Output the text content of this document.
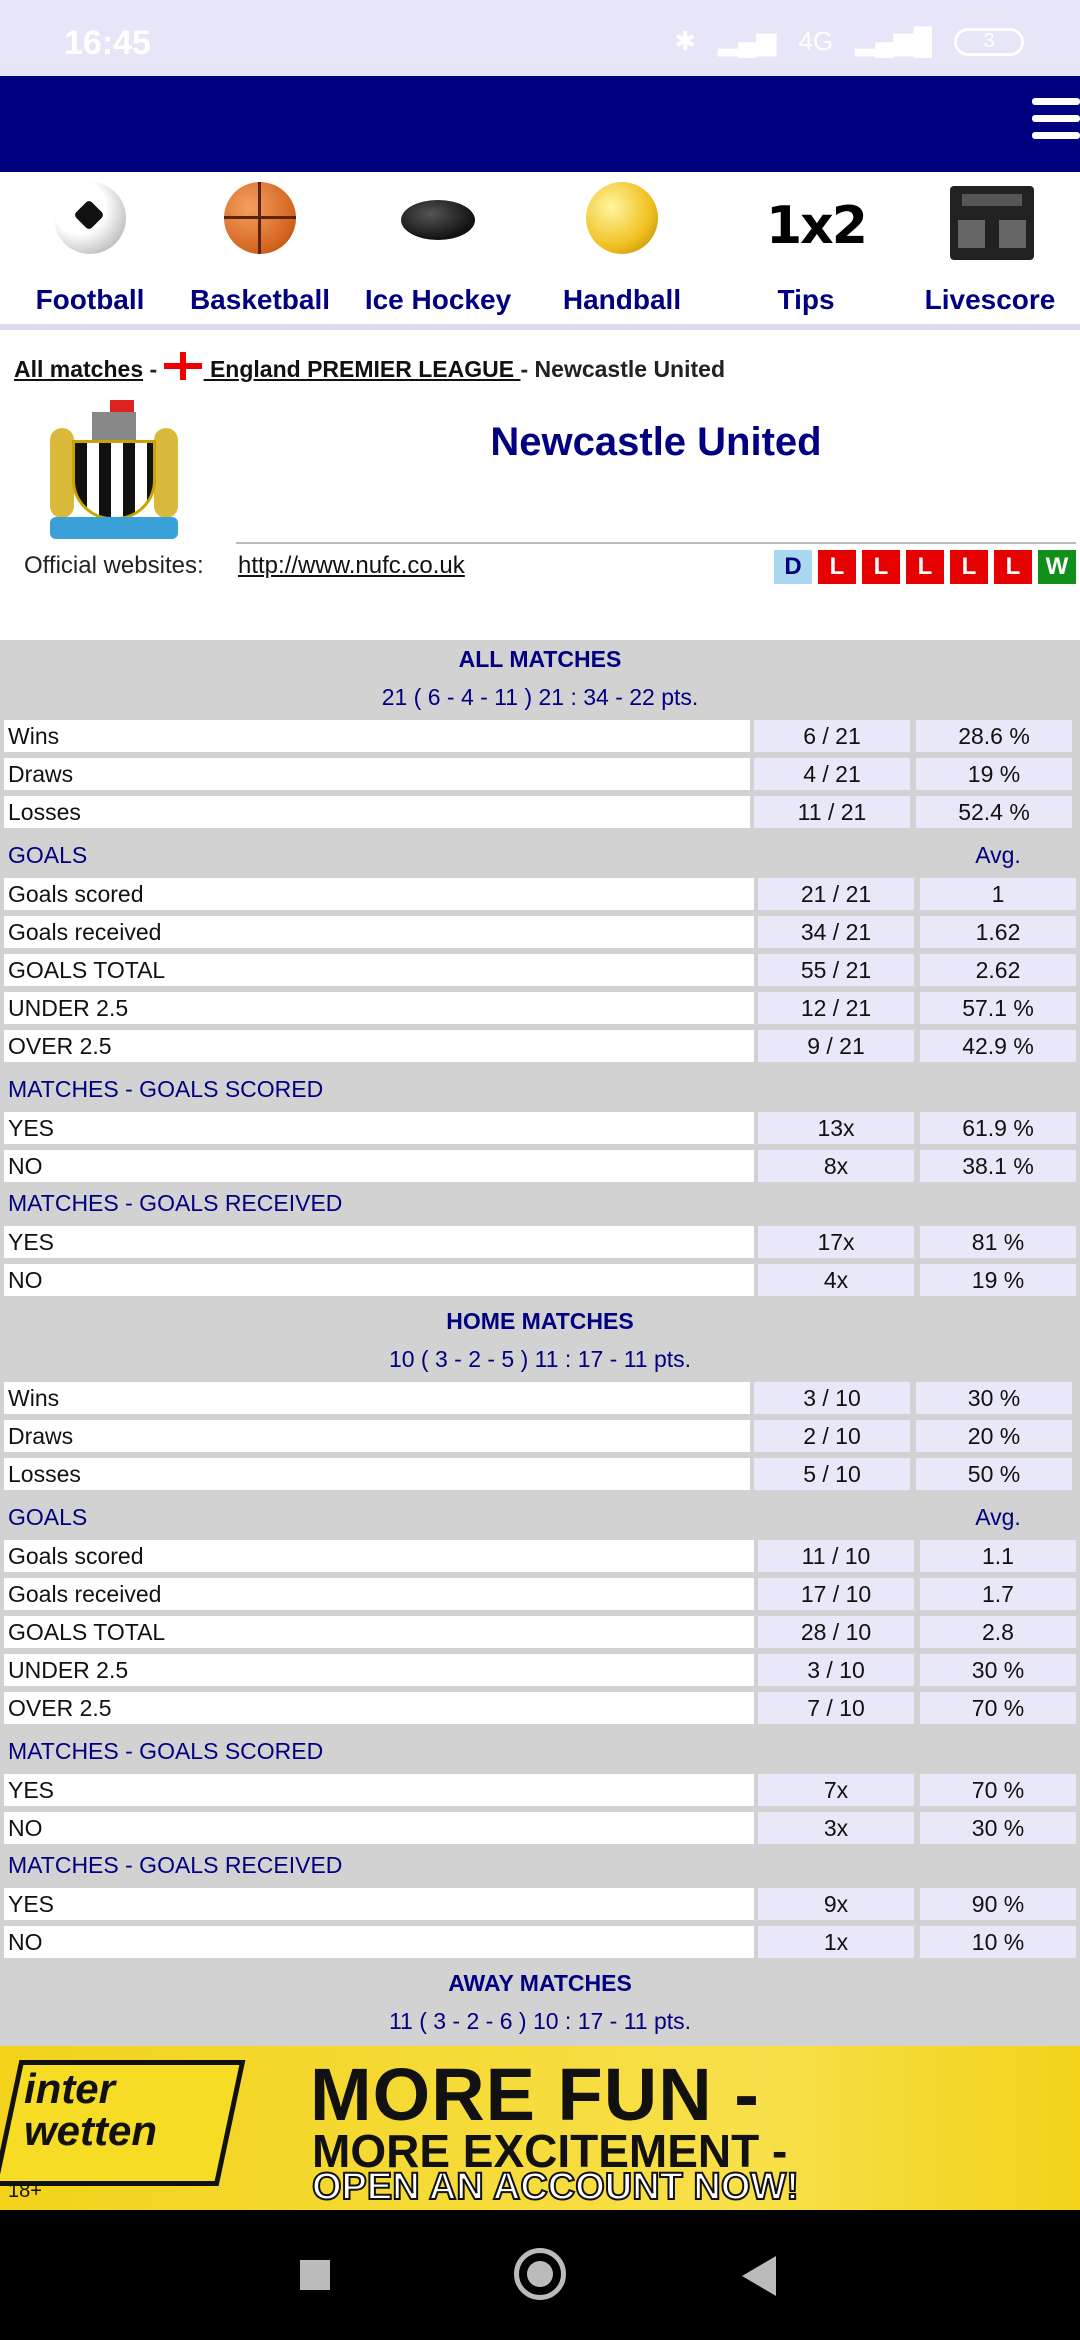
16:45	✱ ▂▄▆ 4G ▂▄▆█	3
Football	Basketball	Ice Hockey	Handball
1x2
Tips	Livescore
All matches -  England PREMIER LEAGUE - Newcastle United
Newcastle United
Official websites: http://www.nufc.co.uk	D	L	L	L	L	L	W
ALL MATCHES
21 ( 6 - 4 - 11 ) 21 : 34 - 22 pts.
Wins	6 / 21	28.6 %
Draws	4 / 21	19 %
Losses	11 / 21	52.4 %
GOALS	Avg.
Goals scored	21 / 21	1
Goals received	34 / 21	1.62
GOALS TOTAL	55 / 21	2.62
UNDER 2.5	12 / 21	57.1 %
OVER 2.5	9 / 21	42.9 %
MATCHES - GOALS SCORED
YES	13x	61.9 %
NO	8x	38.1 %
MATCHES - GOALS RECEIVED
YES	17x	81 %
NO	4x	19 %
HOME MATCHES
10 ( 3 - 2 - 5 ) 11 : 17 - 11 pts.
Wins	3 / 10	30 %
Draws	2 / 10	20 %
Losses	5 / 10	50 %
GOALS	Avg.
Goals scored	11 / 10	1.1
Goals received	17 / 10	1.7
GOALS TOTAL	28 / 10	2.8
UNDER 2.5	3 / 10	30 %
OVER 2.5	7 / 10	70 %
MATCHES - GOALS SCORED
YES	7x	70 %
NO	3x	30 %
MATCHES - GOALS RECEIVED
YES	9x	90 %
NO	1x	10 %
AWAY MATCHES
11 ( 3 - 2 - 6 ) 10 : 17 - 11 pts.
inter
wetten
18+
MORE FUN -
MORE EXCITEMENT -
OPEN AN ACCOUNT NOW!
